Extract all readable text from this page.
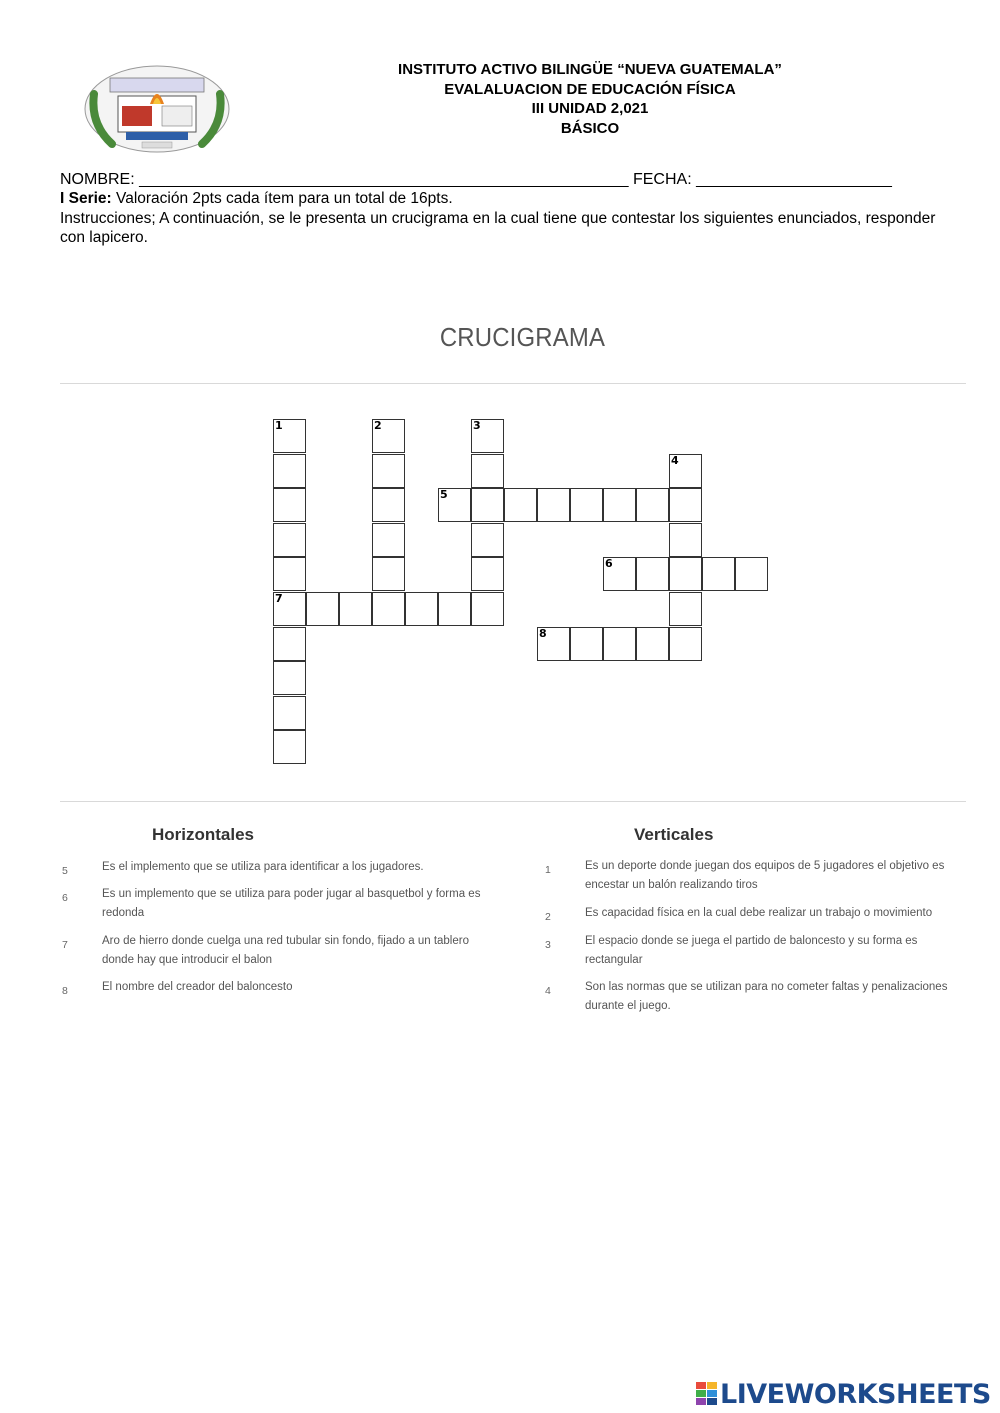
INSTITUTO ACTIVO BILINGÜE “NUEVA GUATEMALA”
EVALALUACION DE EDUCACIÓN FÍSICA
III UNIDAD 2,021
BÁSICO
NOMBRE: _______________________________________________________ FECHA: ______________________
I Serie: Valoración 2pts cada ítem para un total de 16pts.
Instrucciones; A continuación, se le presenta un crucigrama en la cual tiene que contestar los siguientes enunciados, responder con lapicero.
CRUCIGRAMA
1
7
2	3
4
5
6
8
Horizontales	Verticales
5	Es el implemento que se utiliza para identificar a los jugadores.
6	Es un implemento que se utiliza para poder jugar al basquetbol y forma es redonda
7	Aro de hierro donde cuelga una red tubular sin fondo, fijado a un tablero donde hay que introducir el balon
8	El nombre del creador del baloncesto
1	Es un deporte donde juegan dos equipos de 5 jugadores el objetivo es encestar un balón realizando tiros
2	Es capacidad física en la cual debe realizar un trabajo o movimiento
3	El espacio donde se juega el partido de baloncesto y su forma es rectangular
4	Son las normas que se utilizan para no cometer faltas y penalizaciones durante el juego.
LIVEWORKSHEETS
